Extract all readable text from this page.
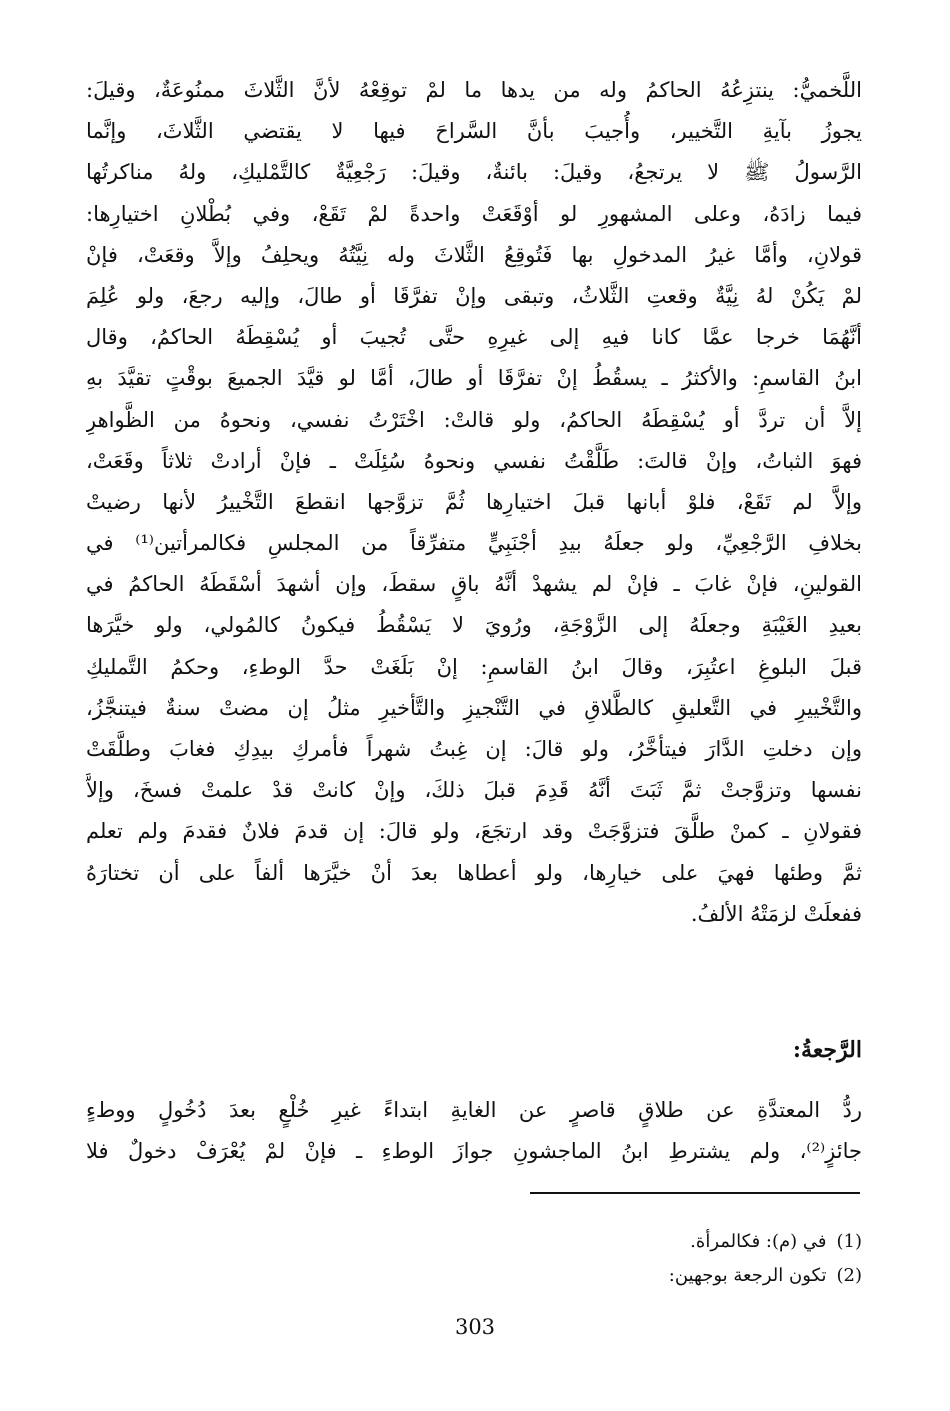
اللَّخميُّ: ينتزِعُهُ الحاكمُ وله من يدها ما لمْ توقِعْهُ لأنَّ الثَّلاثَ ممنُوعَةٌ، وقيلَ:
يجوزُ بآيةِ التَّخيير، وأُجيبَ بأنَّ السَّراحَ فيها لا يقتضي الثَّلاثَ، وإنَّما
الرَّسولُ ﷺ لا يرتجعُ، وقيلَ: بائنةٌ، وقيلَ: رَجْعِيَّةٌ كالتَّمْليكِ، ولهُ مناكرتُها
فيما زادَهُ، وعلى المشهورِ لو أوْقَعَتْ واحدةً لمْ تَقَعْ، وفي بُطْلانِ اختيارِها:
قولانِ، وأمَّا غيرُ المدخولِ بها فَتُوقِعُ الثَّلاثَ وله نِيَّتُهُ ويحلِفُ وإلاَّ وقعَتْ، فإنْ
لمْ يَكُنْ لهُ نِيَّةٌ وقعتِ الثَّلاثُ، وتبقى وإنْ تفرَّقَا أو طالَ، وإليه رجعَ، ولو عُلِمَ
أنَّهُمَا خرجا عمَّا كانا فيهِ إلى غيرِهِ حتَّى تُجيبَ أو يُسْقِطَهُ الحاكمُ، وقال
ابنُ القاسمِ: والأكثرُ ـ يسقُطُ إنْ تفرَّقَا أو طالَ، أمَّا لو قيَّدَ الجميعَ بوقْتٍ تقيَّدَ بهِ
إلاَّ أن تردَّ أو يُسْقِطَهُ الحاكمُ، ولو قالتْ: اخْتَرْتُ نفسي، ونحوهُ من الظَّواهرِ
فهوَ الثباتُ، وإنْ قالتَ: طَلَّقْتُ نفسي ونحوهُ سُئِلَتْ ـ فإنْ أرادتْ ثلاثاً وقَعَتْ،
وإلاَّ لم تَقَعْ، فلوْ أبانها قبلَ اختيارِها ثُمَّ تزوَّجها انقطعَ التَّخْييرُ لأنها رضيتْ
بخلافِ الرَّجْعِيِّ، ولو جعلَهُ بيدِ أجْنَبِيٍّ متفرِّقاً من المجلسِ فكالمرأتين⁽¹⁾ في
القولينِ، فإنْ غابَ ـ فإنْ لم يشهدْ أنَّهُ باقٍ سقطَ، وإن أشهدَ أسْقَطَهُ الحاكمُ في
بعيدِ الغَيْبَةِ وجعلَهُ إلى الزَّوْجَةِ، ورُويَ لا يَسْقُطُ فيكونُ كالمُولي، ولو خيَّرَها
قبلَ البلوغِ اعتُبِرَ، وقالَ ابنُ القاسمِ: إنْ بَلَغَتْ حدَّ الوطءِ، وحكمُ التَّمليكِ
والتَّخْييرِ في التَّعليقِ كالطَّلاقِ في التَّنْجيزِ والتَّأخيرِ مثلُ إن مضتْ سنةٌ فيتنجَّزُ،
وإن دخلتِ الدَّارَ فيتأخَّرُ، ولو قالَ: إن غِبتُ شهراً فأمركِ بيدِكِ فغابَ وطلَّقَتْ
نفسها وتزوَّجتْ ثمَّ ثَبَتَ أنَّهُ قَدِمَ قبلَ ذلكَ، وإنْ كانتْ قدْ علمتْ فسخَ، وإلاَّ
فقولانِ ـ كمنْ طلَّقَ فتزوَّجَتْ وقد ارتجَعَ، ولو قالَ: إن قدمَ فلانٌ فقدمَ ولم تعلم
ثمَّ وطئها فهيَ على خيارِها، ولو أعطاها بعدَ أنْ خيَّرَها ألفاً على أن تختارَهُ
ففعلَتْ لزمَتْهُ الألفُ.
الرَّجعةُ:
ردُّ المعتدَّةِ عن طلاقٍ قاصرٍ عن الغايةِ ابتداءً غيرِ خُلْعٍ بعدَ دُخُولٍ ووطءٍ
جائزٍ⁽²⁾، ولم يشترطِ ابنُ الماجشونِ جوازَ الوطءِ ـ فإنْ لمْ يُعْرَفْ دخولٌ فلا
(1)في (م): فكالمرأة.
(2)تكون الرجعة بوجهين:
303
